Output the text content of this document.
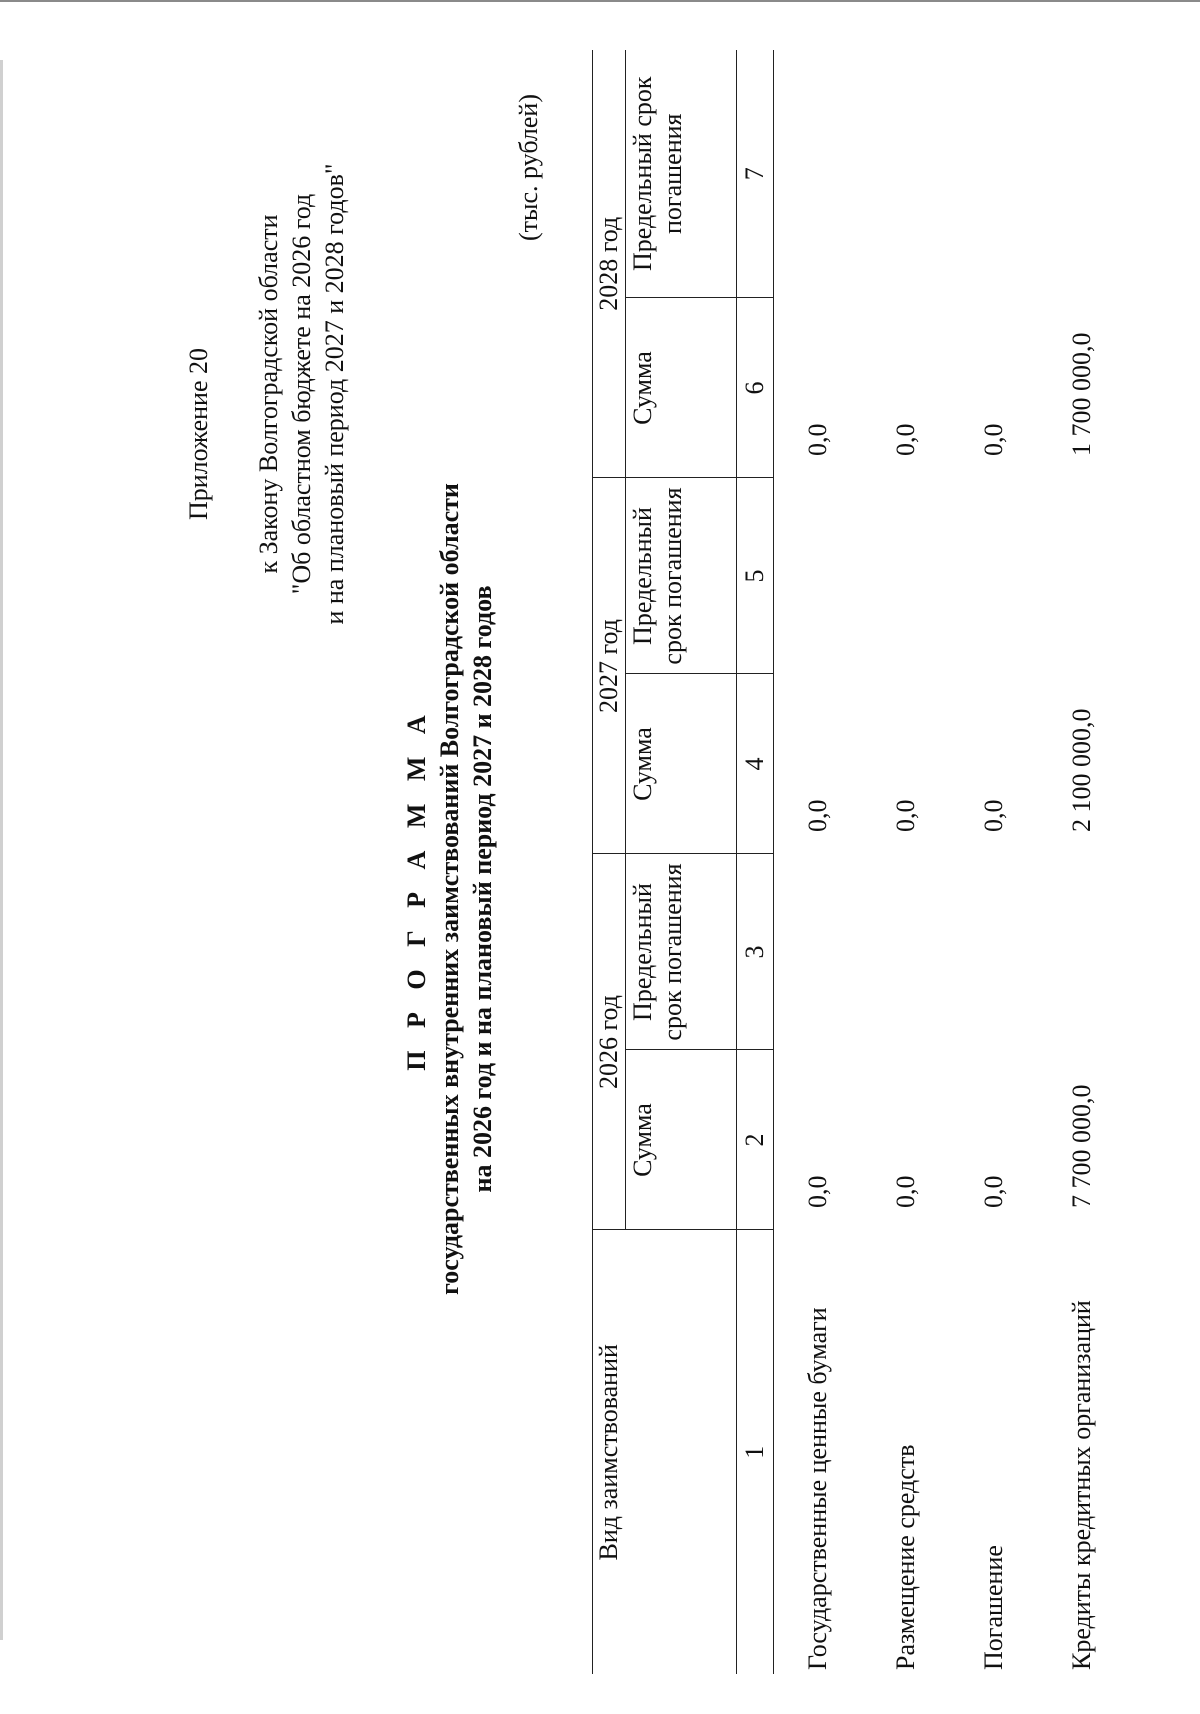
Приложение 20 к Закону Волгоградской области "Об областном бюджете на 2026 год и на плановый период 2027 и 2028 годов"
П Р О Г Р А М М А государственных внутренних заимствований Волгоградской области на 2026 год и на плановый период 2027 и 2028 годов
(тыс. рублей)
Вид заимствований	2026 год		2027 год		2028 год	
	Сумма	Предельный срок погашения	Сумма	Предельный срок погашения	Сумма	Предельный срок погашения
1	2	3	4	5	6	7
Государственные ценные бумаги	0,0		0,0		0,0	
Размещение средств	0,0		0,0		0,0	
Погашение	0,0		0,0		0,0	
Кредиты кредитных организаций	7 700 000,0		2 100 000,0		1 700 000,0	
